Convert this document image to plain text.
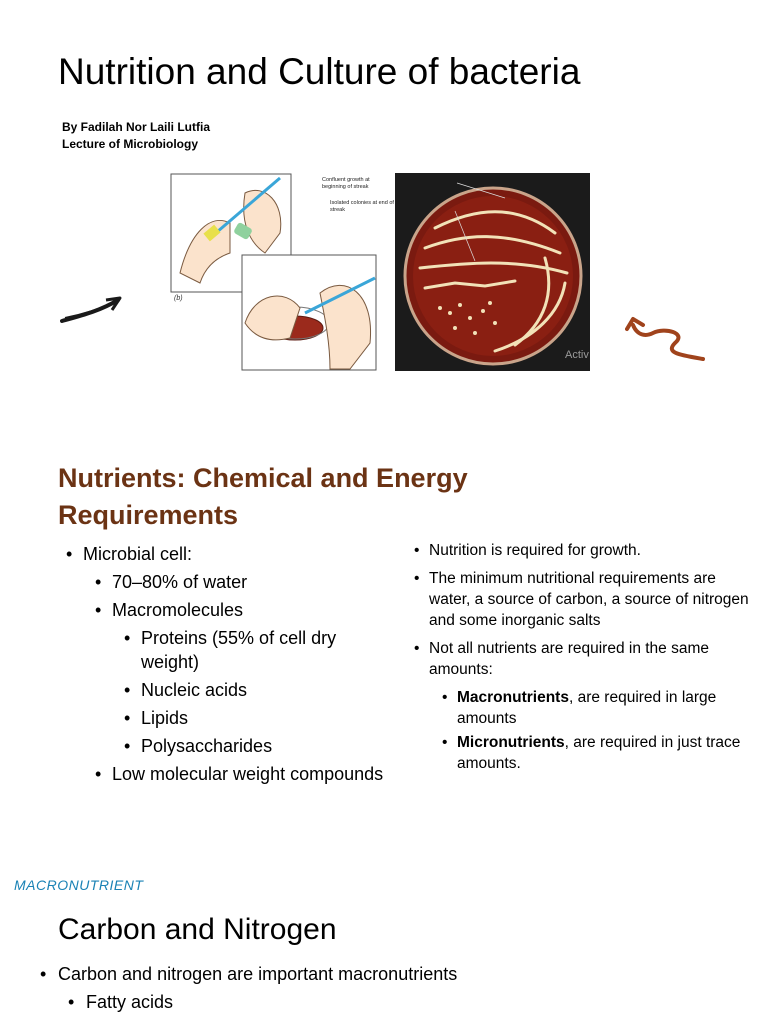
Nutrition and Culture of bacteria
By Fadilah Nor Laili Lutfia
Lecture of Microbiology
(b)
Activ
Confluent growth at beginning of streak
Isolated colonies at end of streak
Nutrients: Chemical and Energy Requirements
• Microbial cell:
• 70–80% of water
• Macromolecules
• Proteins (55% of cell dry weight)
• Nucleic acids
• Lipids
• Polysaccharides
• Low molecular weight compounds
• Nutrition is required for growth.
• The minimum nutritional requirements are water, a source of carbon, a source of nitrogen and some inorganic salts
• Not all nutrients are required in the same amounts:
• Macronutrients, are required in large amounts
• Micronutrients, are required in just trace amounts.
MACRONUTRIENT
Carbon and Nitrogen
• Carbon and nitrogen are important macronutrients
• Fatty acids
